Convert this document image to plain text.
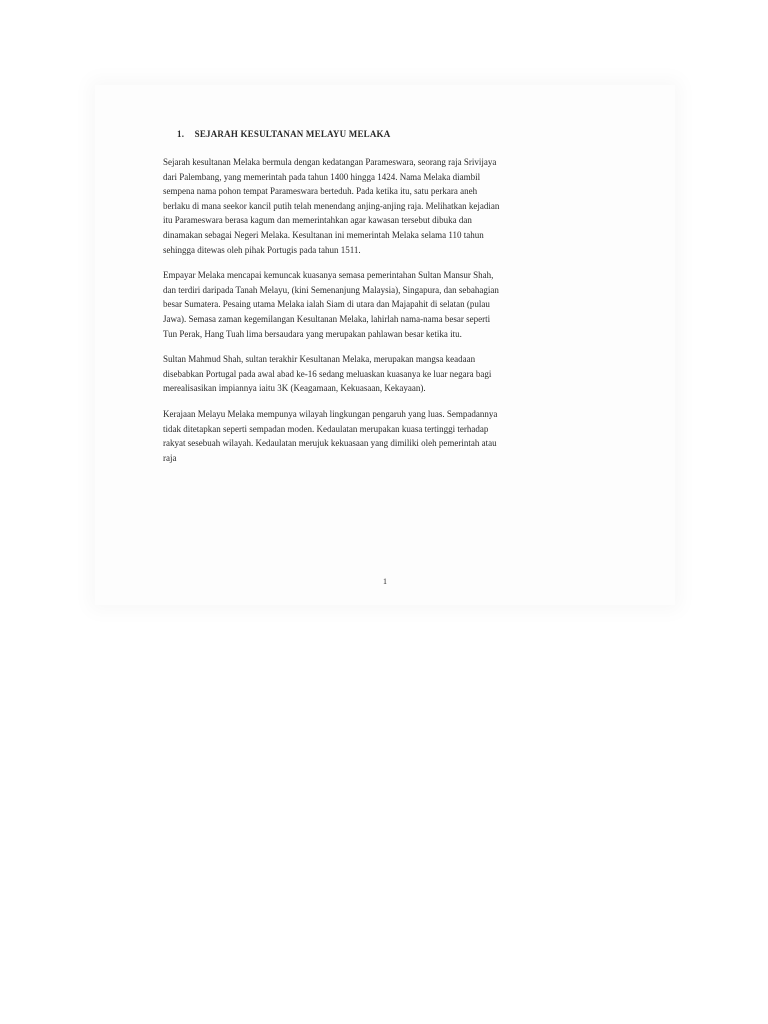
1. SEJARAH KESULTANAN MELAYU MELAKA

Sejarah kesultanan Melaka bermula dengan kedatangan Parameswara, seorang raja Srivijaya
dari Palembang, yang memerintah pada tahun 1400 hingga 1424. Nama Melaka diambil
sempena nama pohon tempat Parameswara berteduh. Pada ketika itu, satu perkara aneh
berlaku di mana seekor kancil putih telah menendang anjing-anjing raja. Melihatkan kejadian
itu Parameswara berasa kagum dan memerintahkan agar kawasan tersebut dibuka dan
dinamakan sebagai Negeri Melaka. Kesultanan ini memerintah Melaka selama 110 tahun
sehingga ditewas oleh pihak Portugis pada tahun 1511.

Empayar Melaka mencapai kemuncak kuasanya semasa pemerintahan Sultan Mansur Shah,
dan terdiri daripada Tanah Melayu, (kini Semenanjung Malaysia), Singapura, dan sebahagian
besar Sumatera. Pesaing utama Melaka ialah Siam di utara dan Majapahit di selatan (pulau
Jawa). Semasa zaman kegemilangan Kesultanan Melaka, lahirlah nama-nama besar seperti
Tun Perak, Hang Tuah lima bersaudara yang merupakan pahlawan besar ketika itu.

Sultan Mahmud Shah, sultan terakhir Kesultanan Melaka, merupakan mangsa keadaan
disebabkan Portugal pada awal abad ke-16 sedang meluaskan kuasanya ke luar negara bagi
merealisasikan impiannya iaitu 3K (Keagamaan, Kekuasaan, Kekayaan).

Kerajaan Melayu Melaka mempunya wilayah lingkungan pengaruh yang luas. Sempadannya
tidak ditetapkan seperti sempadan moden. Kedaulatan merupakan kuasa tertinggi terhadap
rakyat sesebuah wilayah. Kedaulatan merujuk kekuasaan yang dimiliki oleh pemerintah atau
raja

1
